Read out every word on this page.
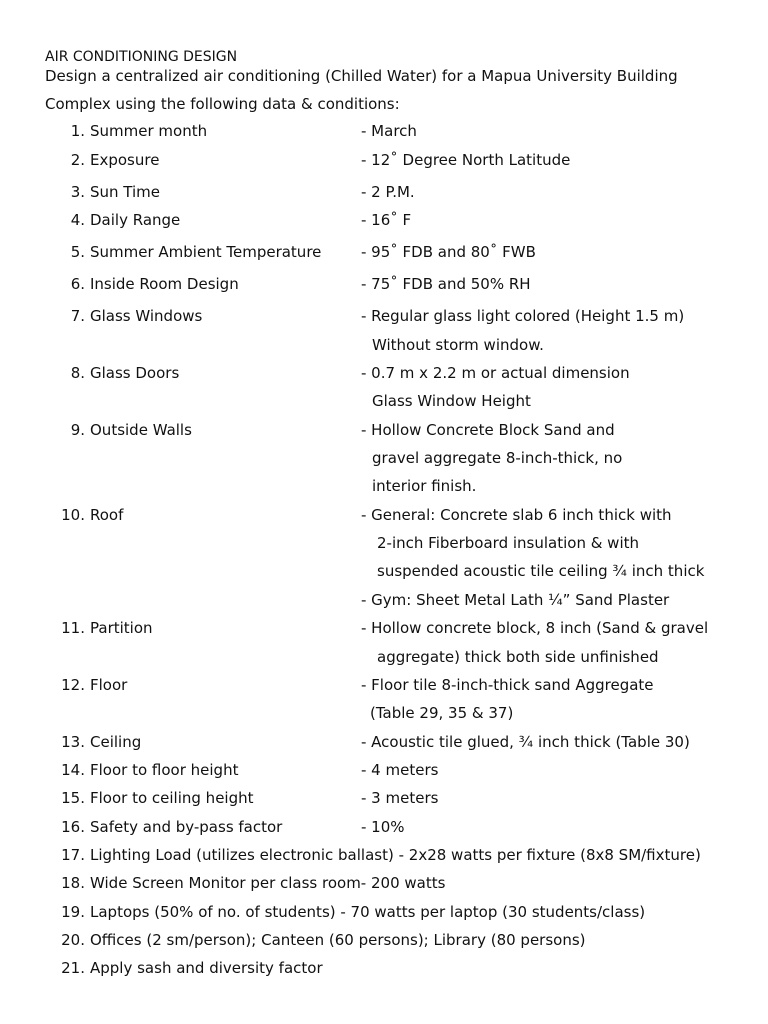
AIR CONDITIONING DESIGN
Design a centralized air conditioning (Chilled Water) for a Mapua University Building
Complex using the following data & conditions:
1. Summer month	- March
2. Exposure	- 12˚ Degree North Latitude
3. Sun Time	- 2 P.M.
4. Daily Range	- 16˚ F
5. Summer Ambient Temperature	- 95˚ FDB and 80˚ FWB
6. Inside Room Design	- 75˚ FDB and 50% RH
7. Glass Windows	- Regular glass light colored (Height 1.5 m)
Without storm window.
8. Glass Doors	- 0.7 m x 2.2 m or actual dimension
Glass Window Height
9. Outside Walls	- Hollow Concrete Block Sand and
gravel aggregate 8-inch-thick, no
interior finish.
10. Roof	- General: Concrete slab 6 inch thick with
2-inch Fiberboard insulation & with
suspended acoustic tile ceiling ¾ inch thick
- Gym: Sheet Metal Lath ¼” Sand Plaster
11. Partition	- Hollow concrete block, 8 inch (Sand & gravel
aggregate) thick both side unfinished
12. Floor	- Floor tile 8-inch-thick sand Aggregate
(Table 29, 35 & 37)
13. Ceiling	- Acoustic tile glued, ¾ inch thick (Table 30)
14. Floor to floor height	- 4 meters
15. Floor to ceiling height	- 3 meters
16. Safety and by-pass factor	- 10%
17. Lighting Load (utilizes electronic ballast) - 2x28 watts per fixture (8x8 SM/fixture)
18. Wide Screen Monitor per class room- 200 watts
19. Laptops (50% of no. of students) - 70 watts per laptop (30 students/class)
20. Offices (2 sm/person); Canteen (60 persons); Library (80 persons)
21. Apply sash and diversity factor
